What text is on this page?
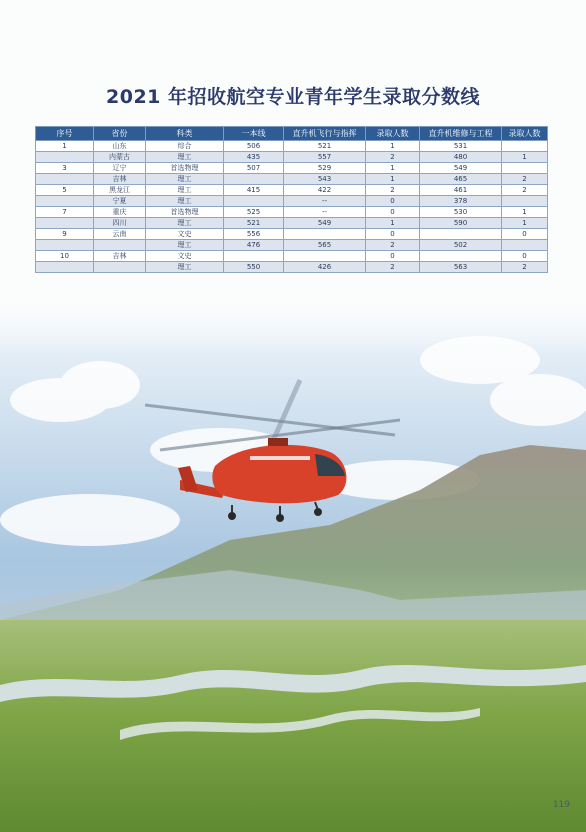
2021 年招收航空专业青年学生录取分数线
序号	省份	科类	一本线	直升机飞行与指挥	录取人数	直升机维修与工程	录取人数
1	山东	综合	506	521	1	531	
	内蒙古	理工	435	557	2	480	1
3	辽宁	首选物理	507	529	1	549	
	吉林	理工		543	1	465	2
5	黑龙江	理工	415	422	2	461	2
	宁夏	理工		--	0	378	
7	重庆	首选物理	525	--	0	530	1
	四川	理工	521	549	1	590	1
9	云南	文史	556		0		0
		理工	476	565	2	502	
10	吉林	文史			0		0
		理工	550	426	2	563	2
119
